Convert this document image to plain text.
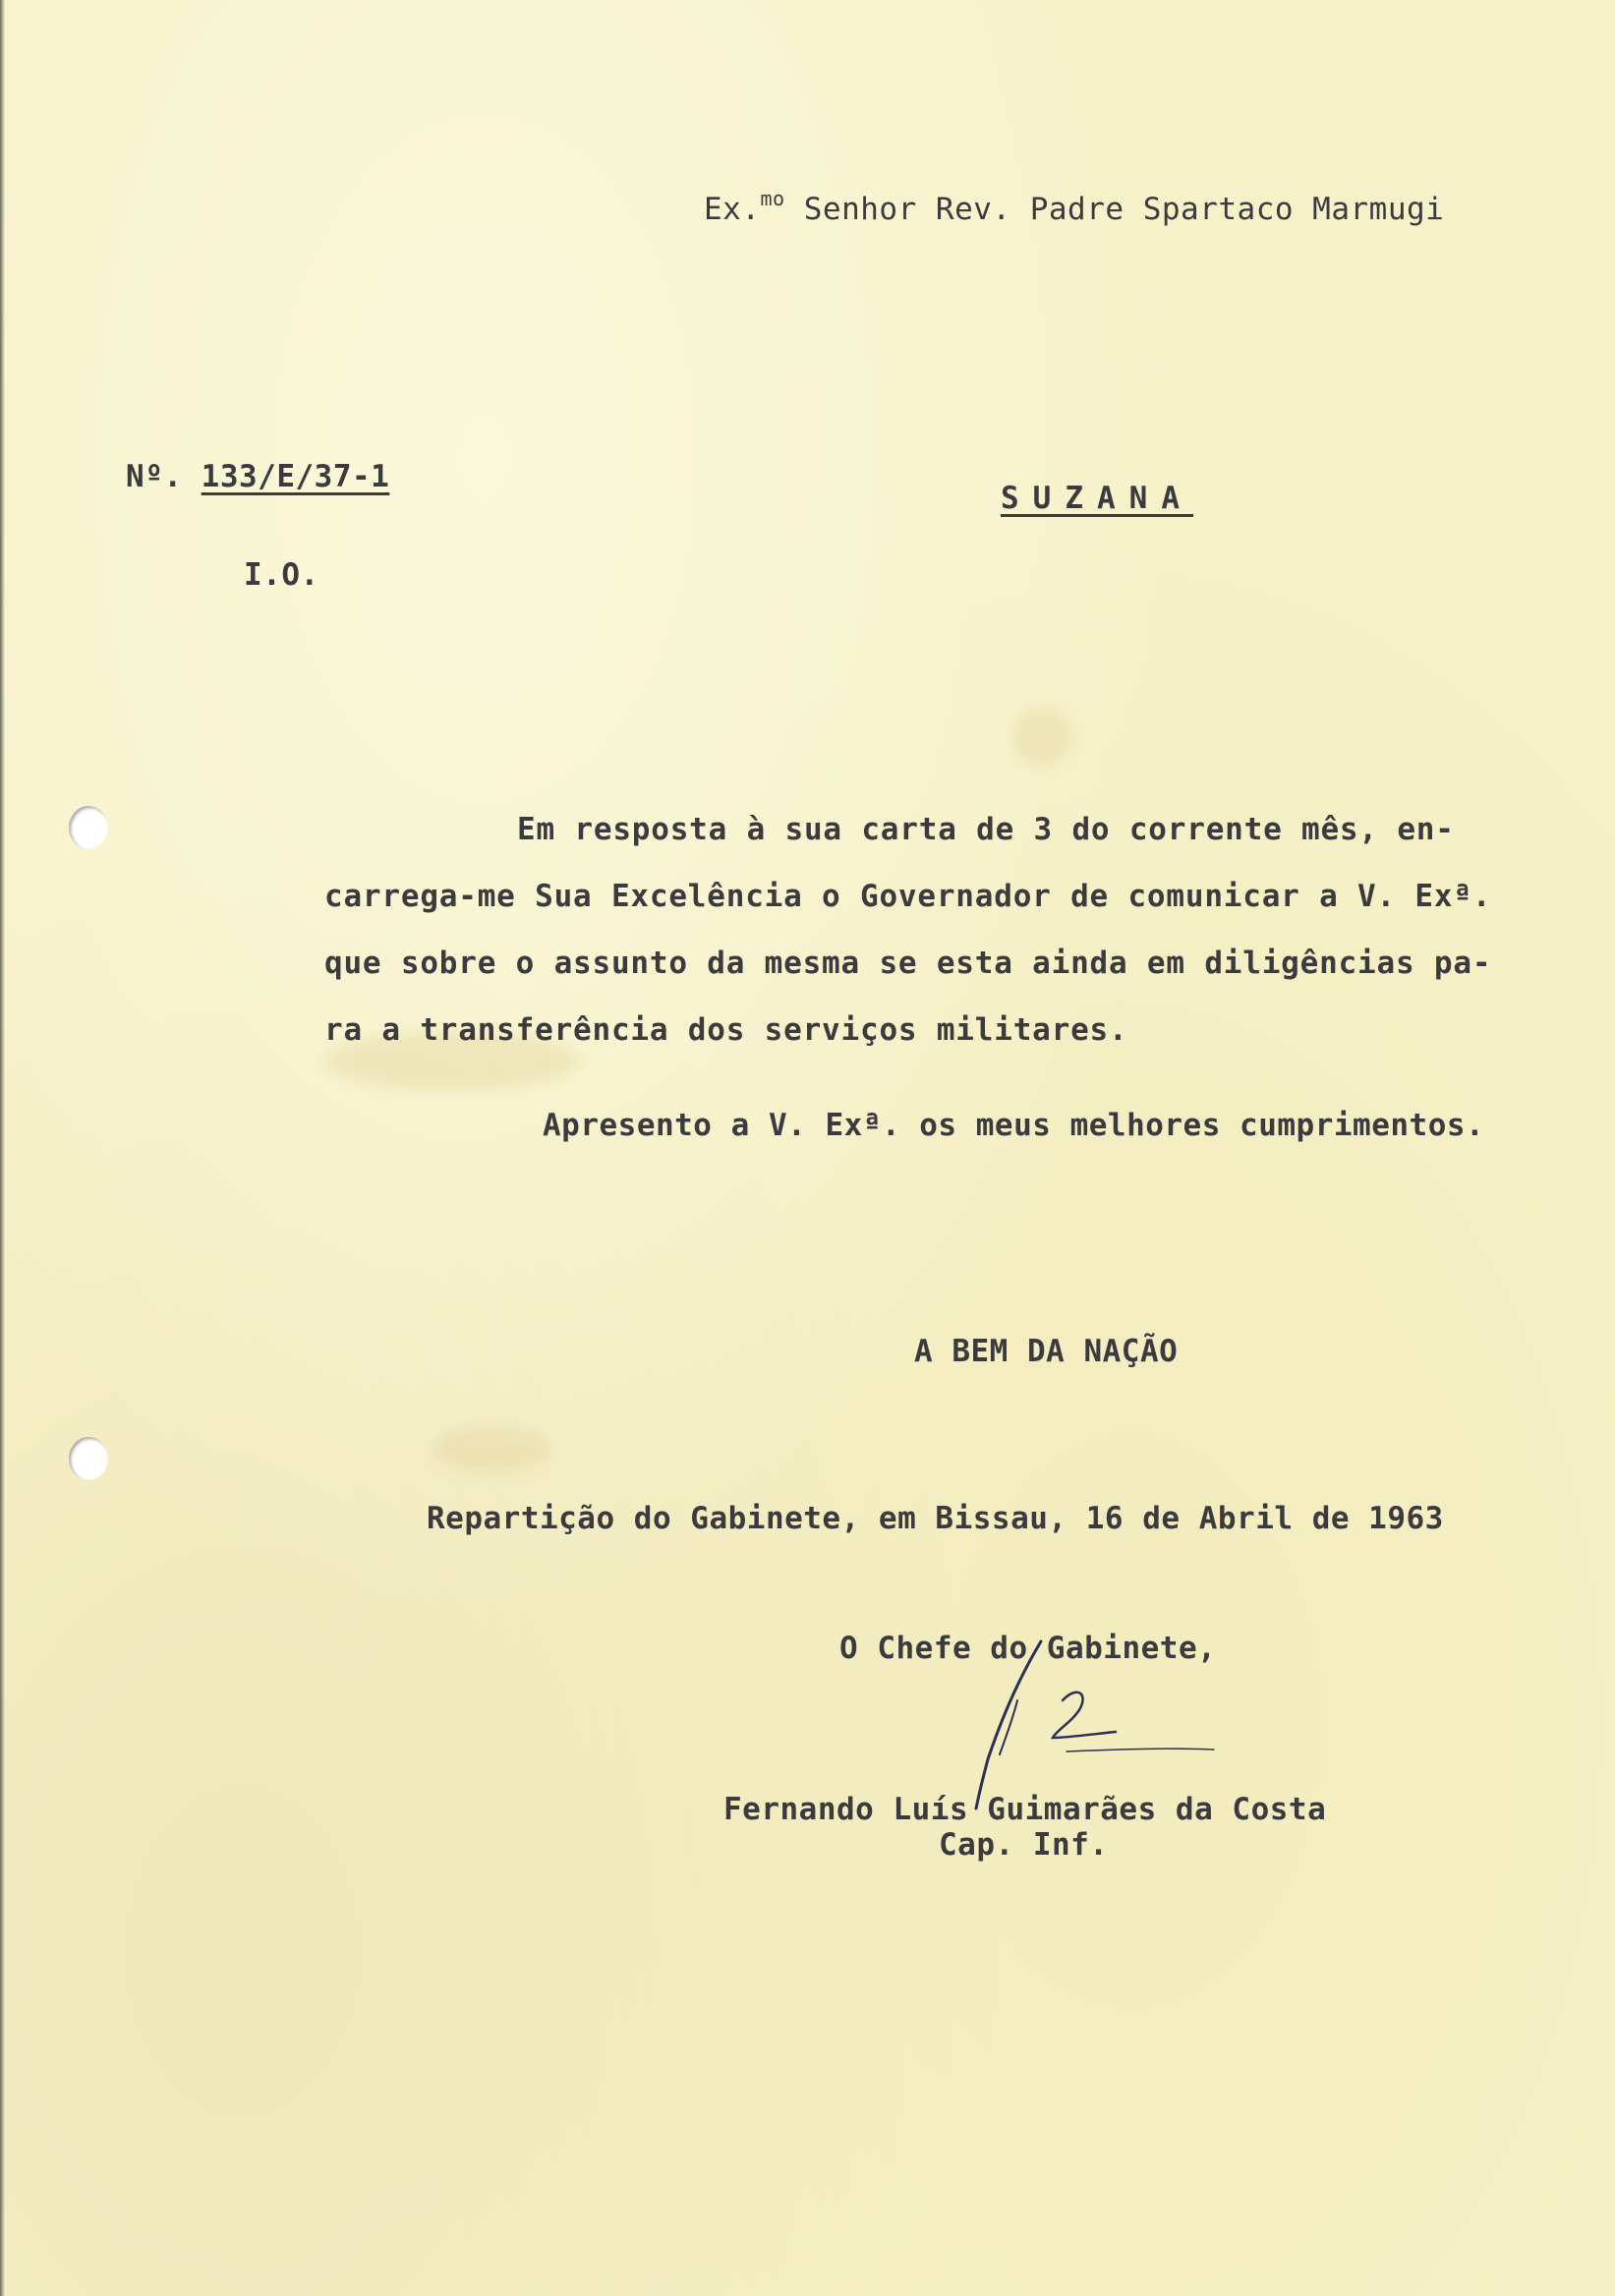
Ex.$^{mo}$ Senhor Rev. Padre Spartaco Marmugi
Nº. 133/E/37-1
SUZANA
I.O.
Em resposta à sua carta de 3 do corrente mês, en-
carrega-me Sua Excelência o Governador de comunicar a V. Exª.
que sobre o assunto da mesma se esta ainda em diligências pa-
ra a transferência dos serviços militares.
Apresento a V. Exª. os meus melhores cumprimentos.
A BEM DA NAÇÃO
Repartição do Gabinete, em Bissau, 16 de Abril de 1963
O Chefe do Gabinete,
Fernando Luís Guimarães da Costa
Cap. Inf.
